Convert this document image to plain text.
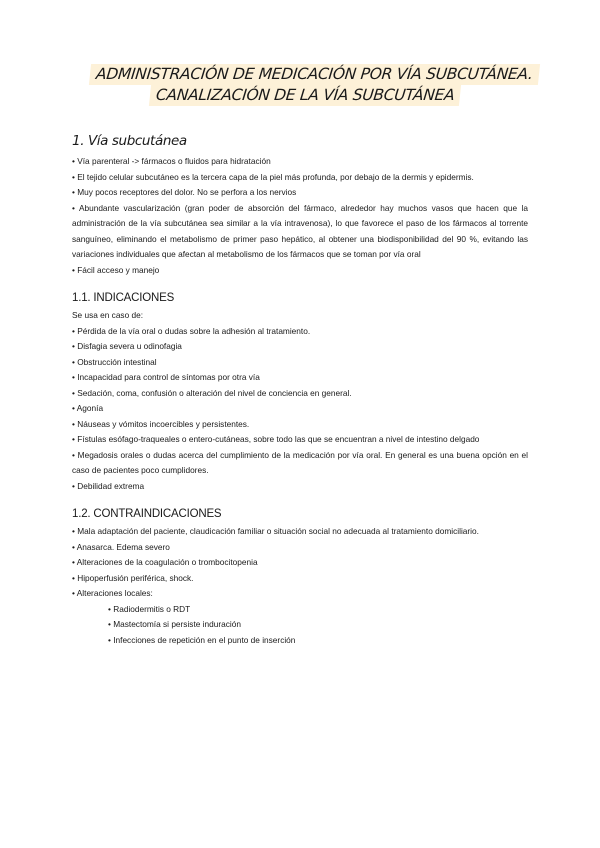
ADMINISTRACIÓN DE MEDICACIÓN POR VÍA SUBCUTÁNEA.
CANALIZACIÓN DE LA VÍA SUBCUTÁNEA
1. Vía subcutánea
• Vía parenteral -> fármacos o fluidos para hidratación
• El tejido celular subcutáneo es la tercera capa de la piel más profunda, por debajo de la dermis y epidermis.
• Muy pocos receptores del dolor. No se perfora a los nervios
• Abundante vascularización (gran poder de absorción del fármaco, alrededor hay muchos vasos que hacen que la administración de la vía subcutánea sea similar a la vía intravenosa), lo que favorece el paso de los fármacos al torrente sanguíneo, eliminando el metabolismo de primer paso hepático, al obtener una biodisponibilidad del 90 %, evitando las variaciones individuales que afectan al metabolismo de los fármacos que se toman por vía oral
• Fácil acceso y manejo
1.1. INDICACIONES

Se usa en caso de:

• Pérdida de la vía oral o dudas sobre la adhesión al tratamiento.
• Disfagia severa u odinofagia
• Obstrucción intestinal
• Incapacidad para control de síntomas por otra vía
• Sedación, coma, confusión o alteración del nivel de conciencia en general.
• Agonía
• Náuseas y vómitos incoercibles y persistentes.
• Fístulas esófago-traqueales o entero-cutáneas, sobre todo las que se encuentran a nivel de intestino delgado
• Megadosis orales o dudas acerca del cumplimiento de la medicación por vía oral. En general es una buena opción en el caso de pacientes poco cumplidores.
• Debilidad extrema
1.2. CONTRAINDICACIONES
• Mala adaptación del paciente, claudicación familiar o situación social no adecuada al tratamiento domiciliario.
• Anasarca. Edema severo
• Alteraciones de la coagulación o trombocitopenia
• Hipoperfusión periférica, shock.
• Alteraciones locales:
• Radiodermitis o RDT
• Mastectomía si persiste induración
• Infecciones de repetición en el punto de inserción
